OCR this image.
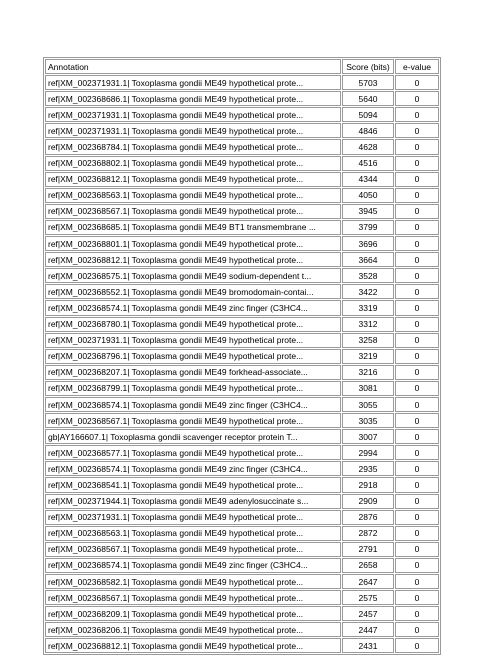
Annotation	Score (bits)	e-value
ref|XM_002371931.1| Toxoplasma gondii ME49 hypothetical prote...	5703	0
ref|XM_002368686.1| Toxoplasma gondii ME49 hypothetical prote...	5640	0
ref|XM_002371931.1| Toxoplasma gondii ME49 hypothetical prote...	5094	0
ref|XM_002371931.1| Toxoplasma gondii ME49 hypothetical prote...	4846	0
ref|XM_002368784.1| Toxoplasma gondii ME49 hypothetical prote...	4628	0
ref|XM_002368802.1| Toxoplasma gondii ME49 hypothetical prote...	4516	0
ref|XM_002368812.1| Toxoplasma gondii ME49 hypothetical prote...	4344	0
ref|XM_002368563.1| Toxoplasma gondii ME49 hypothetical prote...	4050	0
ref|XM_002368567.1| Toxoplasma gondii ME49 hypothetical prote...	3945	0
ref|XM_002368685.1| Toxoplasma gondii ME49 BT1 transmembrane ...	3799	0
ref|XM_002368801.1| Toxoplasma gondii ME49 hypothetical prote...	3696	0
ref|XM_002368812.1| Toxoplasma gondii ME49 hypothetical prote...	3664	0
ref|XM_002368575.1| Toxoplasma gondii ME49 sodium-dependent t...	3528	0
ref|XM_002368552.1| Toxoplasma gondii ME49 bromodomain-contai...	3422	0
ref|XM_002368574.1| Toxoplasma gondii ME49 zinc finger (C3HC4...	3319	0
ref|XM_002368780.1| Toxoplasma gondii ME49 hypothetical prote...	3312	0
ref|XM_002371931.1| Toxoplasma gondii ME49 hypothetical prote...	3258	0
ref|XM_002368796.1| Toxoplasma gondii ME49 hypothetical prote...	3219	0
ref|XM_002368207.1| Toxoplasma gondii ME49 forkhead-associate...	3216	0
ref|XM_002368799.1| Toxoplasma gondii ME49 hypothetical prote...	3081	0
ref|XM_002368574.1| Toxoplasma gondii ME49 zinc finger (C3HC4...	3055	0
ref|XM_002368567.1| Toxoplasma gondii ME49 hypothetical prote...	3035	0
gb|AY166607.1| Toxoplasma gondii scavenger receptor protein T...	3007	0
ref|XM_002368577.1| Toxoplasma gondii ME49 hypothetical prote...	2994	0
ref|XM_002368574.1| Toxoplasma gondii ME49 zinc finger (C3HC4...	2935	0
ref|XM_002368541.1| Toxoplasma gondii ME49 hypothetical prote...	2918	0
ref|XM_002371944.1| Toxoplasma gondii ME49 adenylosuccinate s...	2909	0
ref|XM_002371931.1| Toxoplasma gondii ME49 hypothetical prote...	2876	0
ref|XM_002368563.1| Toxoplasma gondii ME49 hypothetical prote...	2872	0
ref|XM_002368567.1| Toxoplasma gondii ME49 hypothetical prote...	2791	0
ref|XM_002368574.1| Toxoplasma gondii ME49 zinc finger (C3HC4...	2658	0
ref|XM_002368582.1| Toxoplasma gondii ME49 hypothetical prote...	2647	0
ref|XM_002368567.1| Toxoplasma gondii ME49 hypothetical prote...	2575	0
ref|XM_002368209.1| Toxoplasma gondii ME49 hypothetical prote...	2457	0
ref|XM_002368206.1| Toxoplasma gondii ME49 hypothetical prote...	2447	0
ref|XM_002368812.1| Toxoplasma gondii ME49 hypothetical prote...	2431	0
